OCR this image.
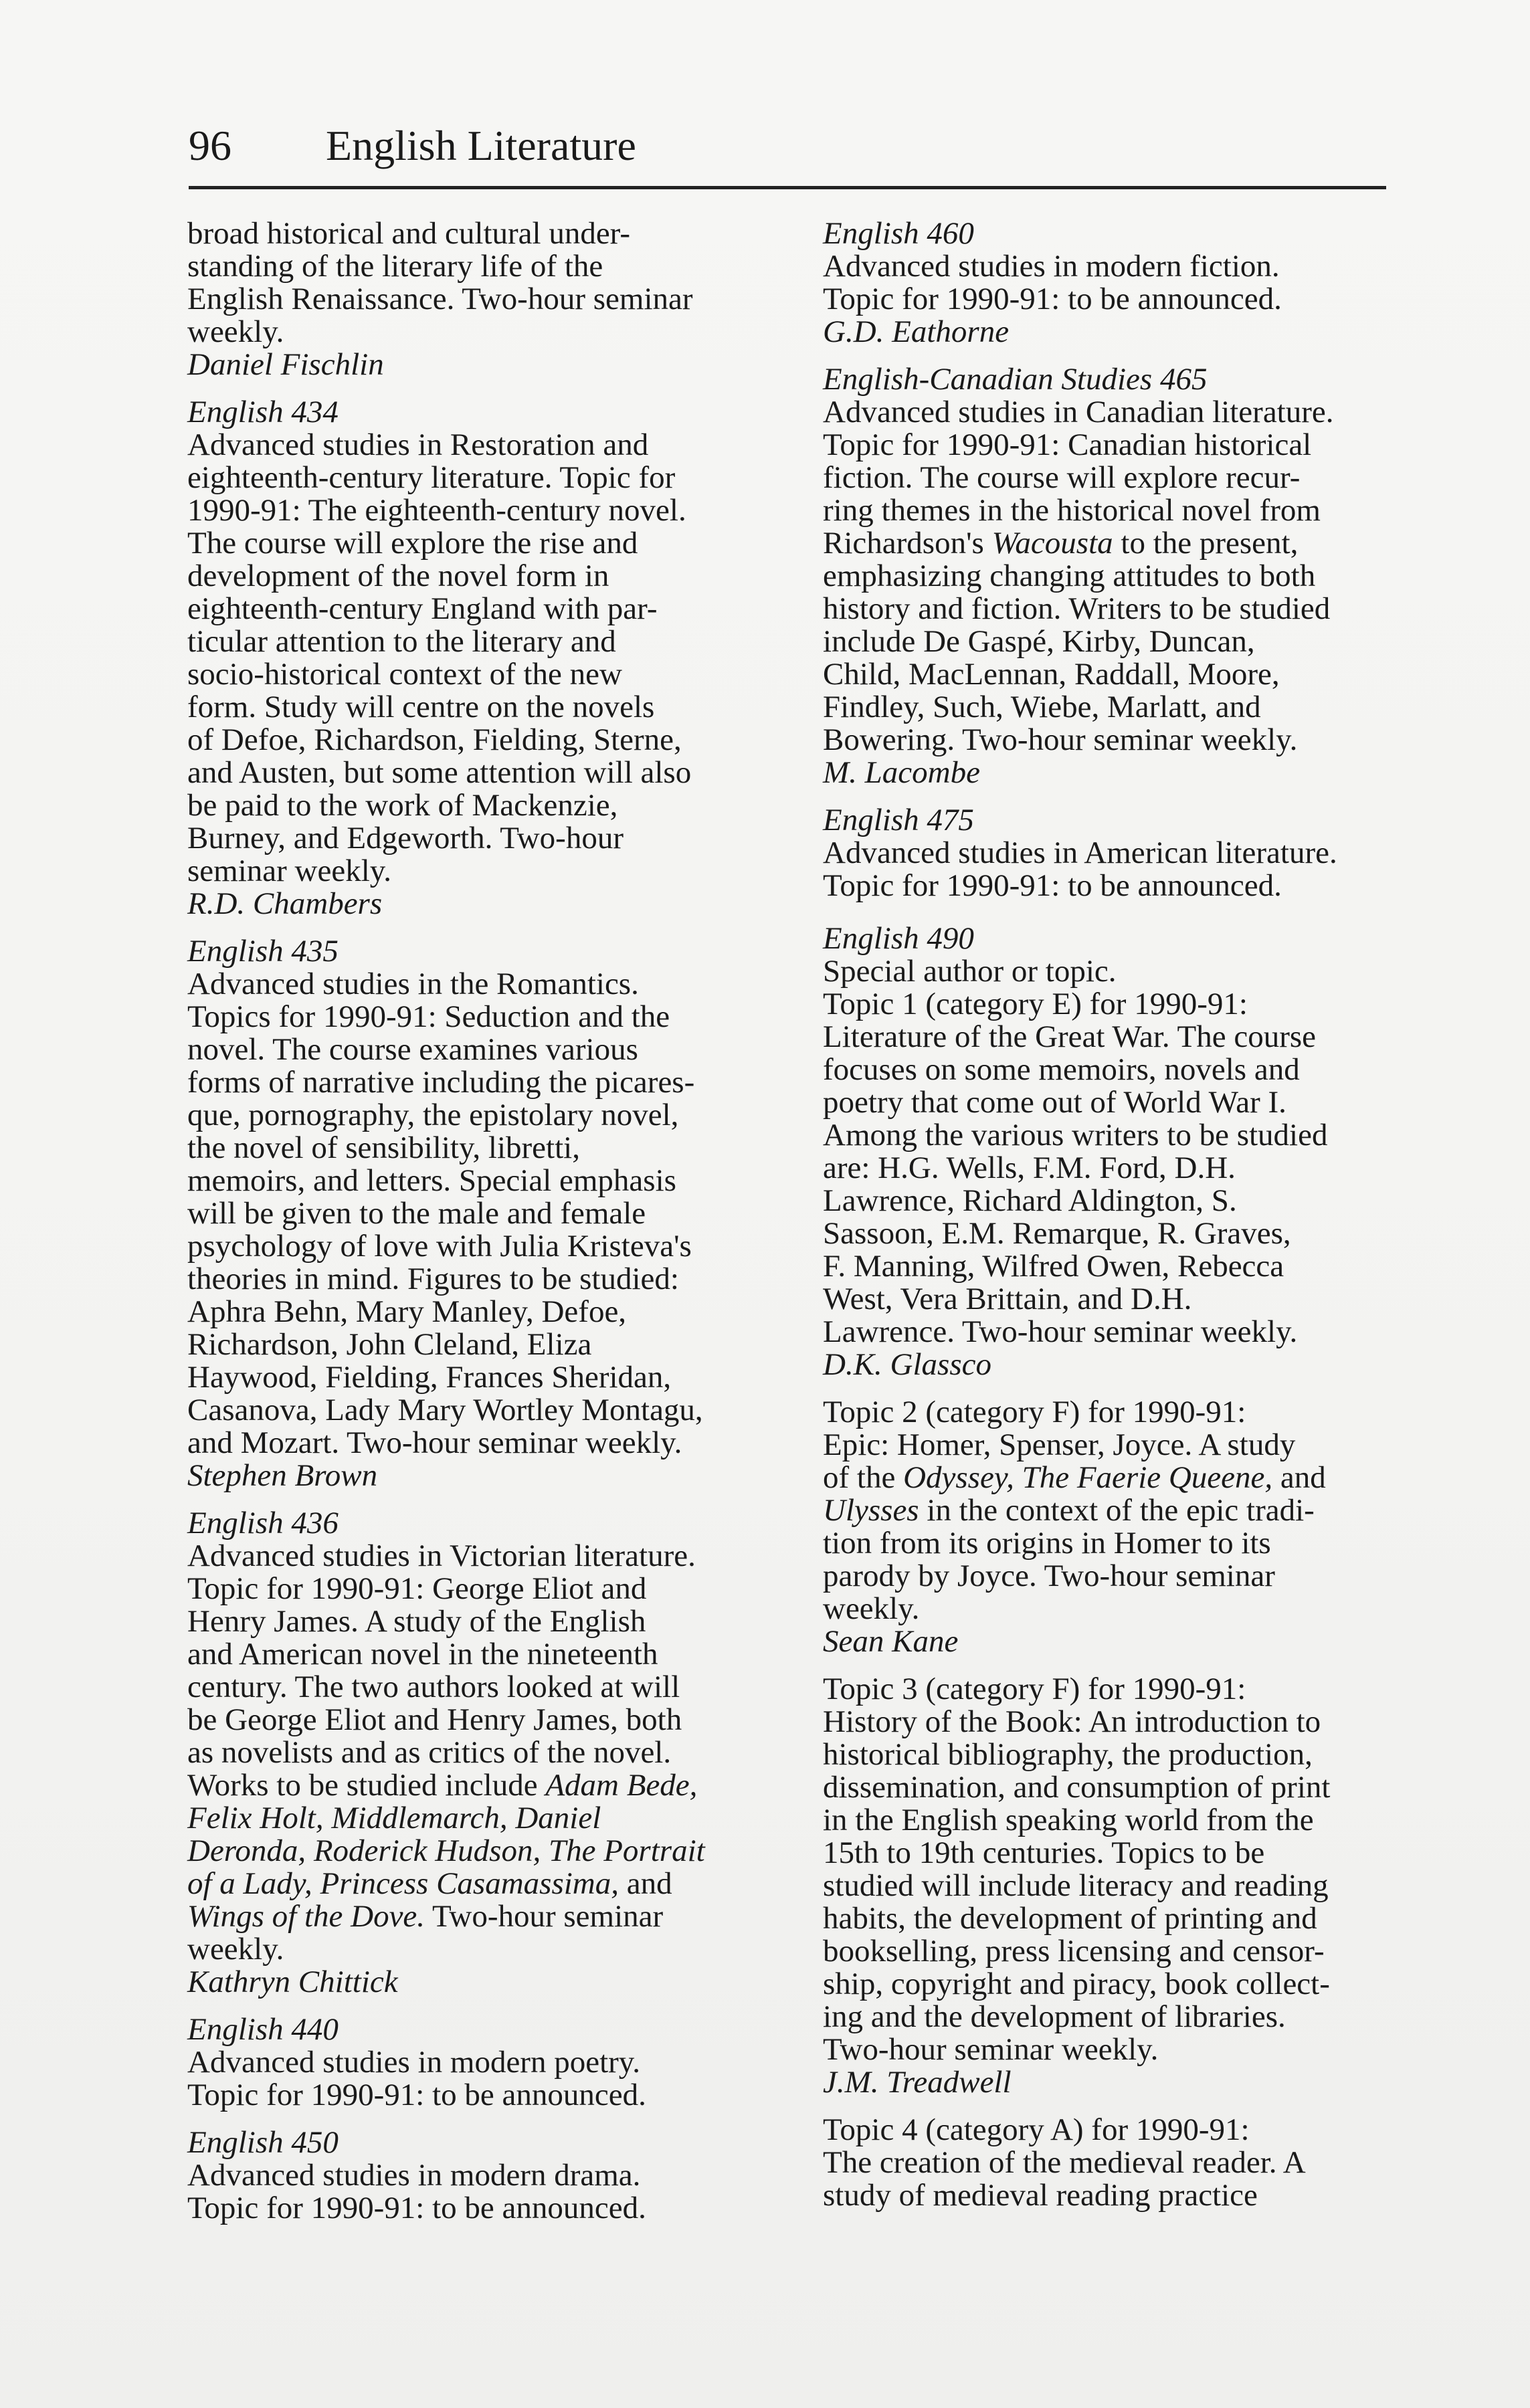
96 English Literature
broad historical and cultural under-
standing of the literary life of the
English Renaissance. Two-hour seminar
weekly.
Daniel Fischlin
English 434
Advanced studies in Restoration and
eighteenth-century literature. Topic for
1990-91: The eighteenth-century novel.
The course will explore the rise and
development of the novel form in
eighteenth-century England with par-
ticular attention to the literary and
socio-historical context of the new
form. Study will centre on the novels
of Defoe, Richardson, Fielding, Sterne,
and Austen, but some attention will also
be paid to the work of Mackenzie,
Burney, and Edgeworth. Two-hour
seminar weekly.
R.D. Chambers
English 435
Advanced studies in the Romantics.
Topics for 1990-91: Seduction and the
novel. The course examines various
forms of narrative including the picares-
que, pornography, the epistolary novel,
the novel of sensibility, libretti,
memoirs, and letters. Special emphasis
will be given to the male and female
psychology of love with Julia Kristeva's
theories in mind. Figures to be studied:
Aphra Behn, Mary Manley, Defoe,
Richardson, John Cleland, Eliza
Haywood, Fielding, Frances Sheridan,
Casanova, Lady Mary Wortley Montagu,
and Mozart. Two-hour seminar weekly.
Stephen Brown
English 436
Advanced studies in Victorian literature.
Topic for 1990-91: George Eliot and
Henry James. A study of the English
and American novel in the nineteenth
century. The two authors looked at will
be George Eliot and Henry James, both
as novelists and as critics of the novel.
Works to be studied include Adam Bede,
Felix Holt, Middlemarch, Daniel
Deronda, Roderick Hudson, The Portrait
of a Lady, Princess Casamassima, and
Wings of the Dove. Two-hour seminar
weekly.
Kathryn Chittick
English 440
Advanced studies in modern poetry.
Topic for 1990-91: to be announced.
English 450
Advanced studies in modern drama.
Topic for 1990-91: to be announced.
English 460
Advanced studies in modern fiction.
Topic for 1990-91: to be announced.
G.D. Eathorne
English-Canadian Studies 465
Advanced studies in Canadian literature.
Topic for 1990-91: Canadian historical
fiction. The course will explore recur-
ring themes in the historical novel from
Richardson's Wacousta to the present,
emphasizing changing attitudes to both
history and fiction. Writers to be studied
include De Gaspé, Kirby, Duncan,
Child, MacLennan, Raddall, Moore,
Findley, Such, Wiebe, Marlatt, and
Bowering. Two-hour seminar weekly.
M. Lacombe
English 475
Advanced studies in American literature.
Topic for 1990-91: to be announced.
English 490
Special author or topic.
Topic 1 (category E) for 1990-91:
Literature of the Great War. The course
focuses on some memoirs, novels and
poetry that come out of World War I.
Among the various writers to be studied
are: H.G. Wells, F.M. Ford, D.H.
Lawrence, Richard Aldington, S.
Sassoon, E.M. Remarque, R. Graves,
F. Manning, Wilfred Owen, Rebecca
West, Vera Brittain, and D.H.
Lawrence. Two-hour seminar weekly.
D.K. Glassco
Topic 2 (category F) for 1990-91:
Epic: Homer, Spenser, Joyce. A study
of the Odyssey, The Faerie Queene, and
Ulysses in the context of the epic tradi-
tion from its origins in Homer to its
parody by Joyce. Two-hour seminar
weekly.
Sean Kane
Topic 3 (category F) for 1990-91:
History of the Book: An introduction to
historical bibliography, the production,
dissemination, and consumption of print
in the English speaking world from the
15th to 19th centuries. Topics to be
studied will include literacy and reading
habits, the development of printing and
bookselling, press licensing and censor-
ship, copyright and piracy, book collect-
ing and the development of libraries.
Two-hour seminar weekly.
J.M. Treadwell
Topic 4 (category A) for 1990-91:
The creation of the medieval reader. A
study of medieval reading practice
